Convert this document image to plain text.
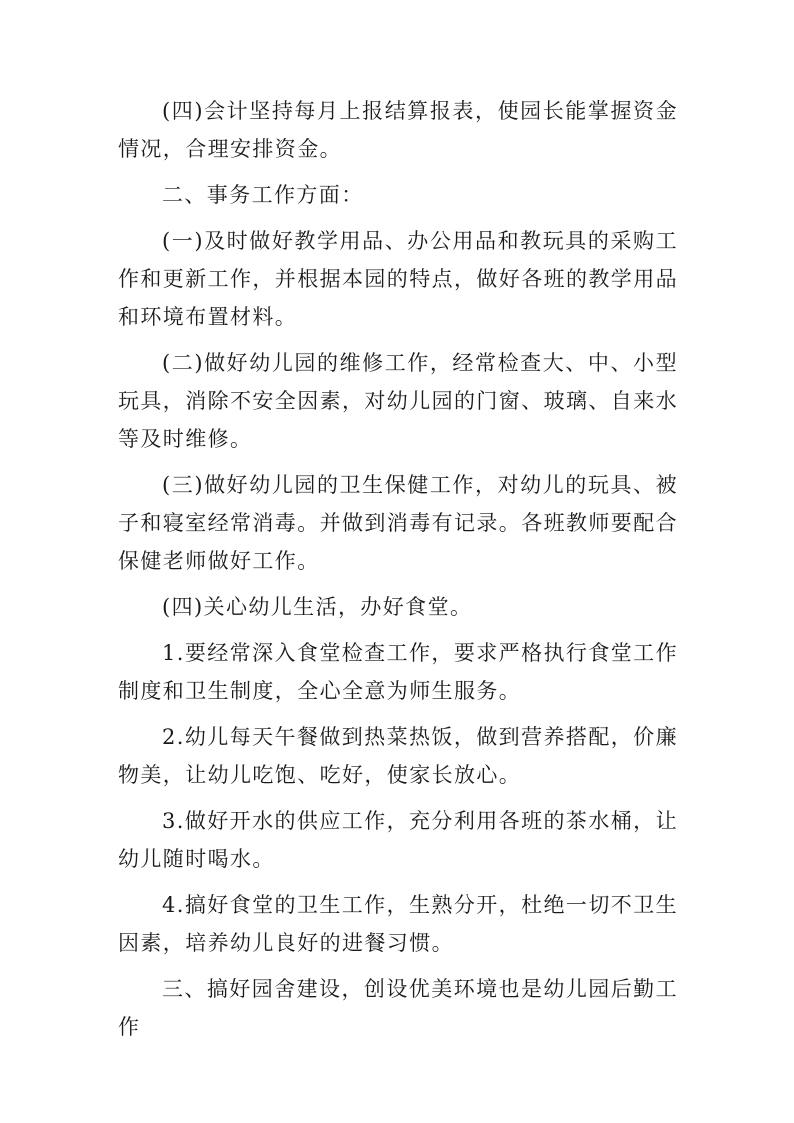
(四)会计坚持每月上报结算报表，使园长能掌握资金情况，合理安排资金。

二、事务工作方面：

(一)及时做好教学用品、办公用品和教玩具的采购工作和更新工作，并根据本园的特点，做好各班的教学用品和环境布置材料。

(二)做好幼儿园的维修工作，经常检查大、中、小型玩具，消除不安全因素，对幼儿园的门窗、玻璃、自来水等及时维修。

(三)做好幼儿园的卫生保健工作，对幼儿的玩具、被子和寝室经常消毒。并做到消毒有记录。各班教师要配合保健老师做好工作。

(四)关心幼儿生活，办好食堂。

1.要经常深入食堂检查工作，要求严格执行食堂工作制度和卫生制度，全心全意为师生服务。

2.幼儿每天午餐做到热菜热饭，做到营养搭配，价廉物美，让幼儿吃饱、吃好，使家长放心。

3.做好开水的供应工作，充分利用各班的茶水桶，让幼儿随时喝水。

4.搞好食堂的卫生工作，生熟分开，杜绝一切不卫生因素，培养幼儿良好的进餐习惯。

三、搞好园舍建设，创设优美环境也是幼儿园后勤工作
